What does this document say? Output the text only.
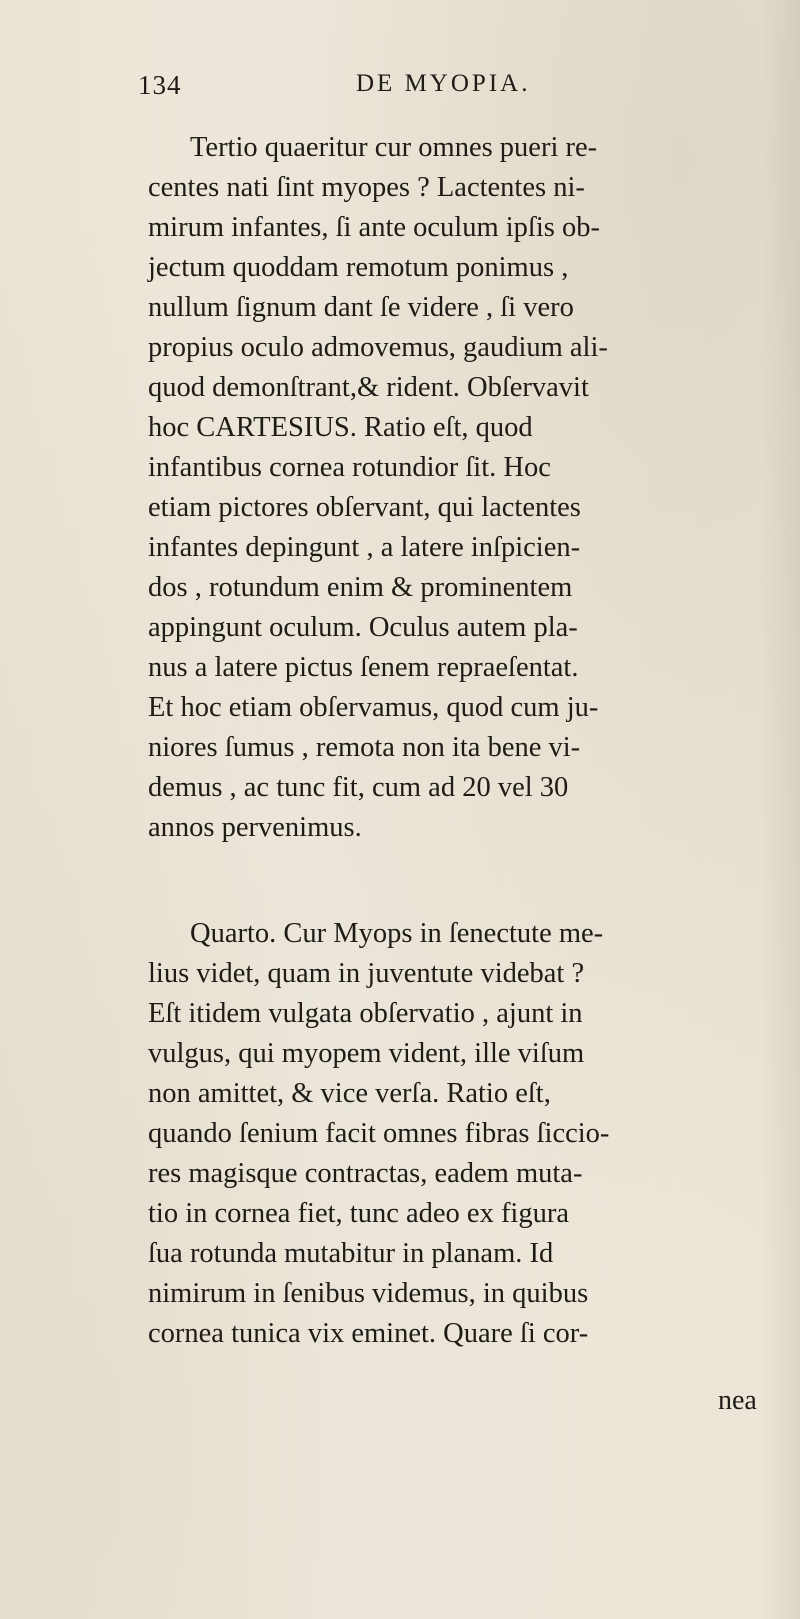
134	DE MYOPIA.
Tertio quaeritur cur omnes pueri re-
centes nati ſint myopes ? Lactentes ni-
mirum infantes, ſi ante oculum ipſis ob-
jectum quoddam remotum ponimus ,
nullum ſignum dant ſe videre , ſi vero
propius oculo admovemus, gaudium ali-
quod demonſtrant,& rident. Obſervavit
hoc CARTESIUS. Ratio eſt, quod
infantibus cornea rotundior ſit. Hoc
etiam pictores obſervant, qui lactentes
infantes depingunt , a latere inſpicien-
dos , rotundum enim & prominentem
appingunt oculum. Oculus autem pla-
nus a latere pictus ſenem repraeſentat.
Et hoc etiam obſervamus, quod cum ju-
niores ſumus , remota non ita bene vi-
demus , ac tunc fit, cum ad 20 vel 30
annos pervenimus.
Quarto. Cur Myops in ſenectute me-
lius videt, quam in juventute videbat ?
Eſt itidem vulgata obſervatio , ajunt in
vulgus, qui myopem vident, ille viſum
non amittet, & vice verſa. Ratio eſt,
quando ſenium facit omnes fibras ſiccio-
res magisque contractas, eadem muta-
tio in cornea fiet, tunc adeo ex figura
ſua rotunda mutabitur in planam. Id
nimirum in ſenibus videmus, in quibus
cornea tunica vix eminet. Quare ſi cor-
nea
